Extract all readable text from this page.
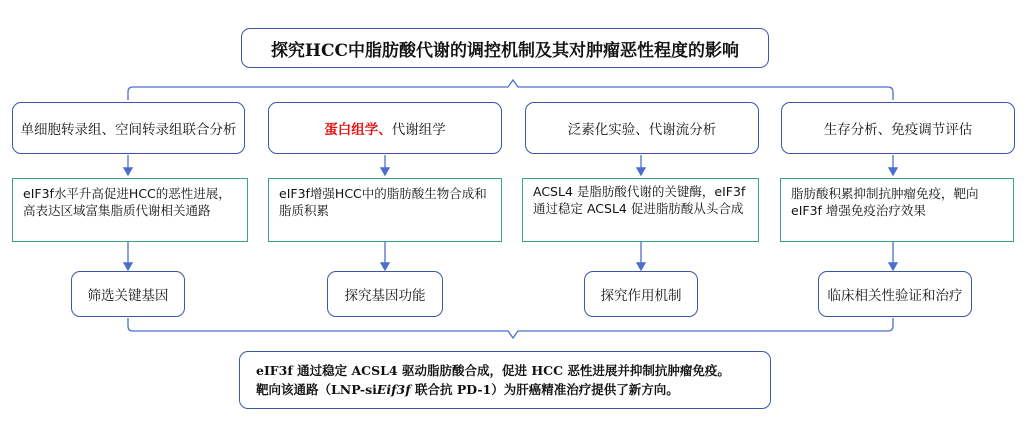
探究HCC中脂肪酸代谢的调控机制及其对肿瘤恶性程度的影响
单细胞转录组、空间转录组联合分析
eIF3f水平升高促进HCC的恶性进展，高表达区域富集脂质代谢相关通路
筛选关键基因
蛋白组学、 代谢组学
eIF3f增强HCC中的脂肪酸生物合成和脂质积累
探究基因功能
泛素化实验、代谢流分析
ACSL4 是脂肪酸代谢的关键酶，eIF3f 通过稳定 ACSL4 促进脂肪酸从头合成
探究作用机制
生存分析、免疫调节评估
脂肪酸积累抑制抗肿瘤免疫，靶向eIF3f 增强免疫治疗效果
临床相关性验证和治疗
eIF3f 通过稳定 ACSL4 驱动脂肪酸合成，促进 HCC 恶性进展并抑制抗肿瘤免疫。
靶向该通路（LNP-siEif3f 联合抗 PD-1）为肝癌精准治疗提供了新方向。
